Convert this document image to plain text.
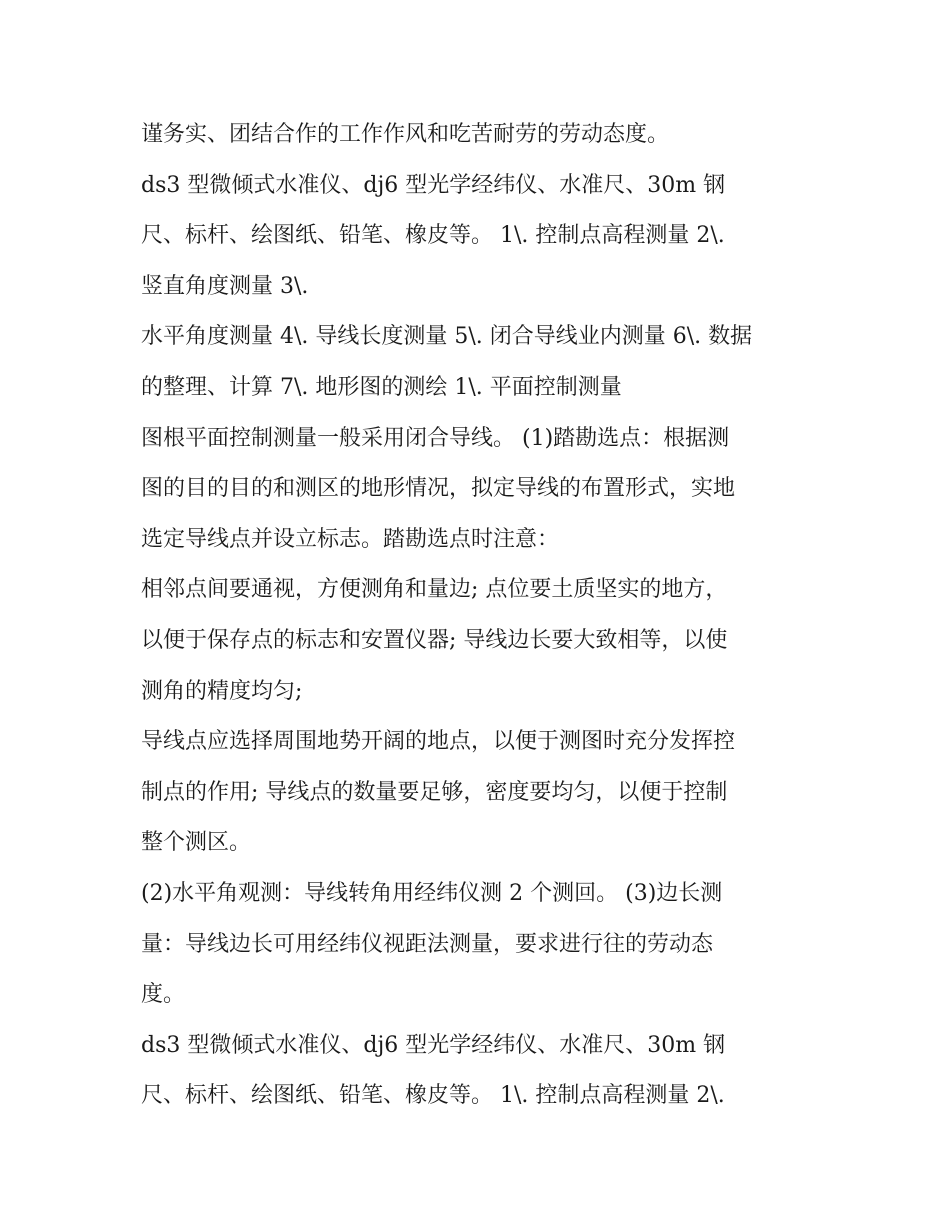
谨务实、团结合作的工作作风和吃苦耐劳的劳动态度。
ds3 型微倾式水准仪、dj6 型光学经纬仪、水准尺、30m 钢
尺、标杆、绘图纸、铅笔、橡皮等。 1\. 控制点高程测量 2\.
竖直角度测量 3\.
水平角度测量 4\. 导线长度测量 5\. 闭合导线业内测量 6\. 数据
的整理、计算 7\. 地形图的测绘 1\. 平面控制测量
图根平面控制测量一般采用闭合导线。 (1)踏勘选点：根据测
图的目的目的和测区的地形情况，拟定导线的布置形式，实地
选定导线点并设立标志。踏勘选点时注意：
相邻点间要通视，方便测角和量边; 点位要土质坚实的地方，
以便于保存点的标志和安置仪器; 导线边长要大致相等，以使
测角的精度均匀;
导线点应选择周围地势开阔的地点，以便于测图时充分发挥控
制点的作用; 导线点的数量要足够，密度要均匀，以便于控制
整个测区。
(2)水平角观测：导线转角用经纬仪测 2 个测回。 (3)边长测
量：导线边长可用经纬仪视距法测量，要求进行往的劳动态
度。
ds3 型微倾式水准仪、dj6 型光学经纬仪、水准尺、30m 钢
尺、标杆、绘图纸、铅笔、橡皮等。 1\. 控制点高程测量 2\.
